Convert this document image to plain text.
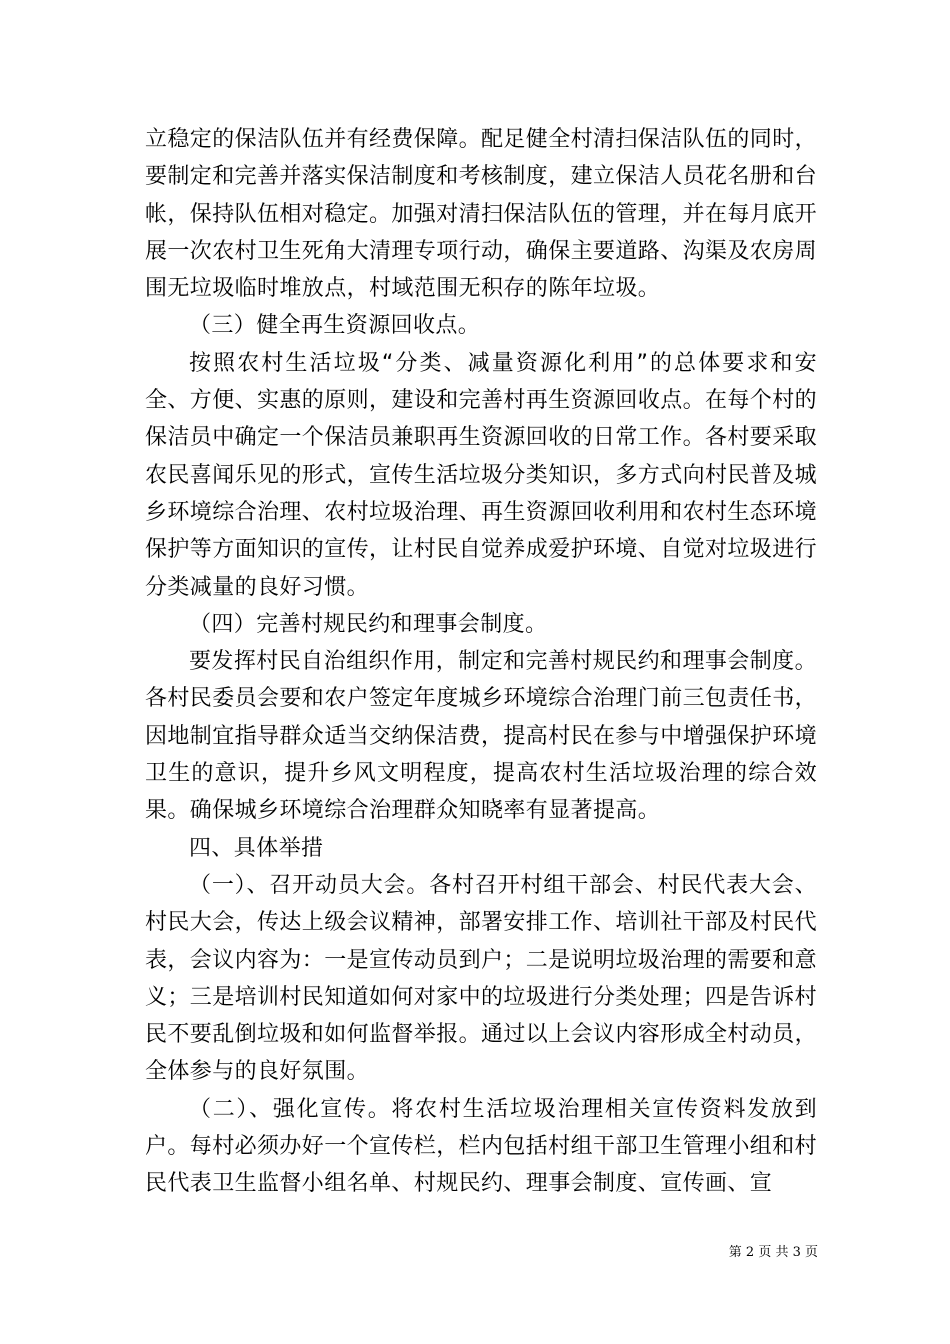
立稳定的保洁队伍并有经费保障。配足健全村清扫保洁队伍的同时，要制定和完善并落实保洁制度和考核制度，建立保洁人员花名册和台帐，保持队伍相对稳定。加强对清扫保洁队伍的管理，并在每月底开展一次农村卫生死角大清理专项行动，确保主要道路、沟渠及农房周围无垃圾临时堆放点，村域范围无积存的陈年垃圾。

（三）健全再生资源回收点。

按照农村生活垃圾“分类、减量资源化利用”的总体要求和安全、方便、实惠的原则，建设和完善村再生资源回收点。在每个村的保洁员中确定一个保洁员兼职再生资源回收的日常工作。各村要采取农民喜闻乐见的形式，宣传生活垃圾分类知识，多方式向村民普及城乡环境综合治理、农村垃圾治理、再生资源回收利用和农村生态环境保护等方面知识的宣传，让村民自觉养成爱护环境、自觉对垃圾进行分类减量的良好习惯。

（四）完善村规民约和理事会制度。

要发挥村民自治组织作用，制定和完善村规民约和理事会制度。各村民委员会要和农户签定年度城乡环境综合治理门前三包责任书，因地制宜指导群众适当交纳保洁费，提高村民在参与中增强保护环境卫生的意识，提升乡风文明程度，提高农村生活垃圾治理的综合效果。确保城乡环境综合治理群众知晓率有显著提高。

四、具体举措

（一）、召开动员大会。各村召开村组干部会、村民代表大会、村民大会，传达上级会议精神，部署安排工作、培训社干部及村民代表，会议内容为：一是宣传动员到户；二是说明垃圾治理的需要和意义；三是培训村民知道如何对家中的垃圾进行分类处理；四是告诉村民不要乱倒垃圾和如何监督举报。通过以上会议内容形成全村动员，全体参与的良好氛围。

（二）、强化宣传。将农村生活垃圾治理相关宣传资料发放到户。每村必须办好一个宣传栏，栏内包括村组干部卫生管理小组和村民代表卫生监督小组名单、村规民约、理事会制度、宣传画、宣

第 2 页 共 3 页
